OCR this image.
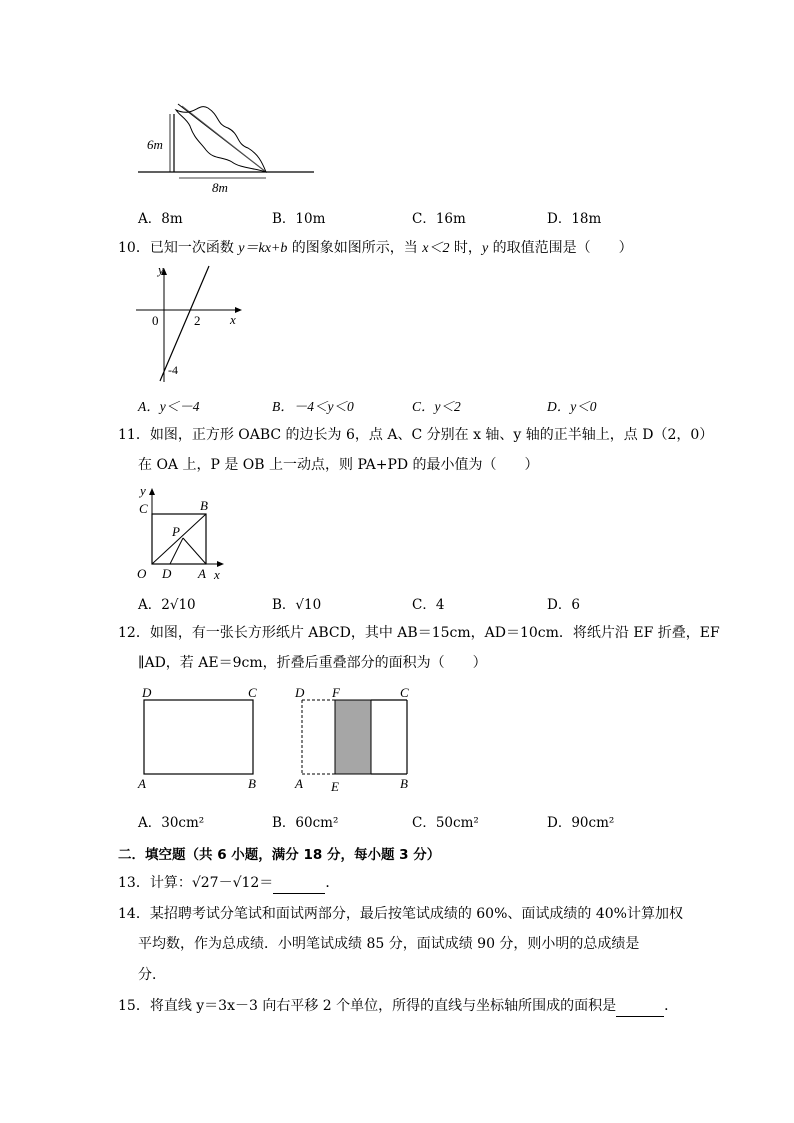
6m
8m
A．8m	B．10m	C．16m	D．18m
10．已知一次函数 y＝kx+b 的图象如图所示，当 x＜2 时，y 的取值范围是（　　）
y
x
0	2
-4
A．y＜－4	B．－4＜y＜0	C．y＜2	D．y＜0
11．如图，正方形 OABC 的边长为 6，点 A、C 分别在 x 轴、y 轴的正半轴上，点 D（2，0）
在 OA 上，P 是 OB 上一动点，则 PA+PD 的最小值为（　　）
y
x
C	B
P
O D A
A．2√10	B．√10	C．4	D．6
12．如图，有一张长方形纸片 ABCD，其中 AB＝15cm，AD＝10cm．将纸片沿 EF 折叠，EF
∥AD，若 AE＝9cm，折叠后重叠部分的面积为（　　）
D	C
A	B
D F	C
A E	B
A．30cm²	B．60cm²	C．50cm²	D．90cm²
二．填空题（共 6 小题，满分 18 分，每小题 3 分）
13．计算：√27－√12＝	．
14．某招聘考试分笔试和面试两部分，最后按笔试成绩的 60%、面试成绩的 40%计算加权
平均数，作为总成绩．小明笔试成绩 85 分，面试成绩 90 分，则小明的总成绩是
分．
15．将直线 y＝3x－3 向右平移 2 个单位，所得的直线与坐标轴所围成的面积是	．
